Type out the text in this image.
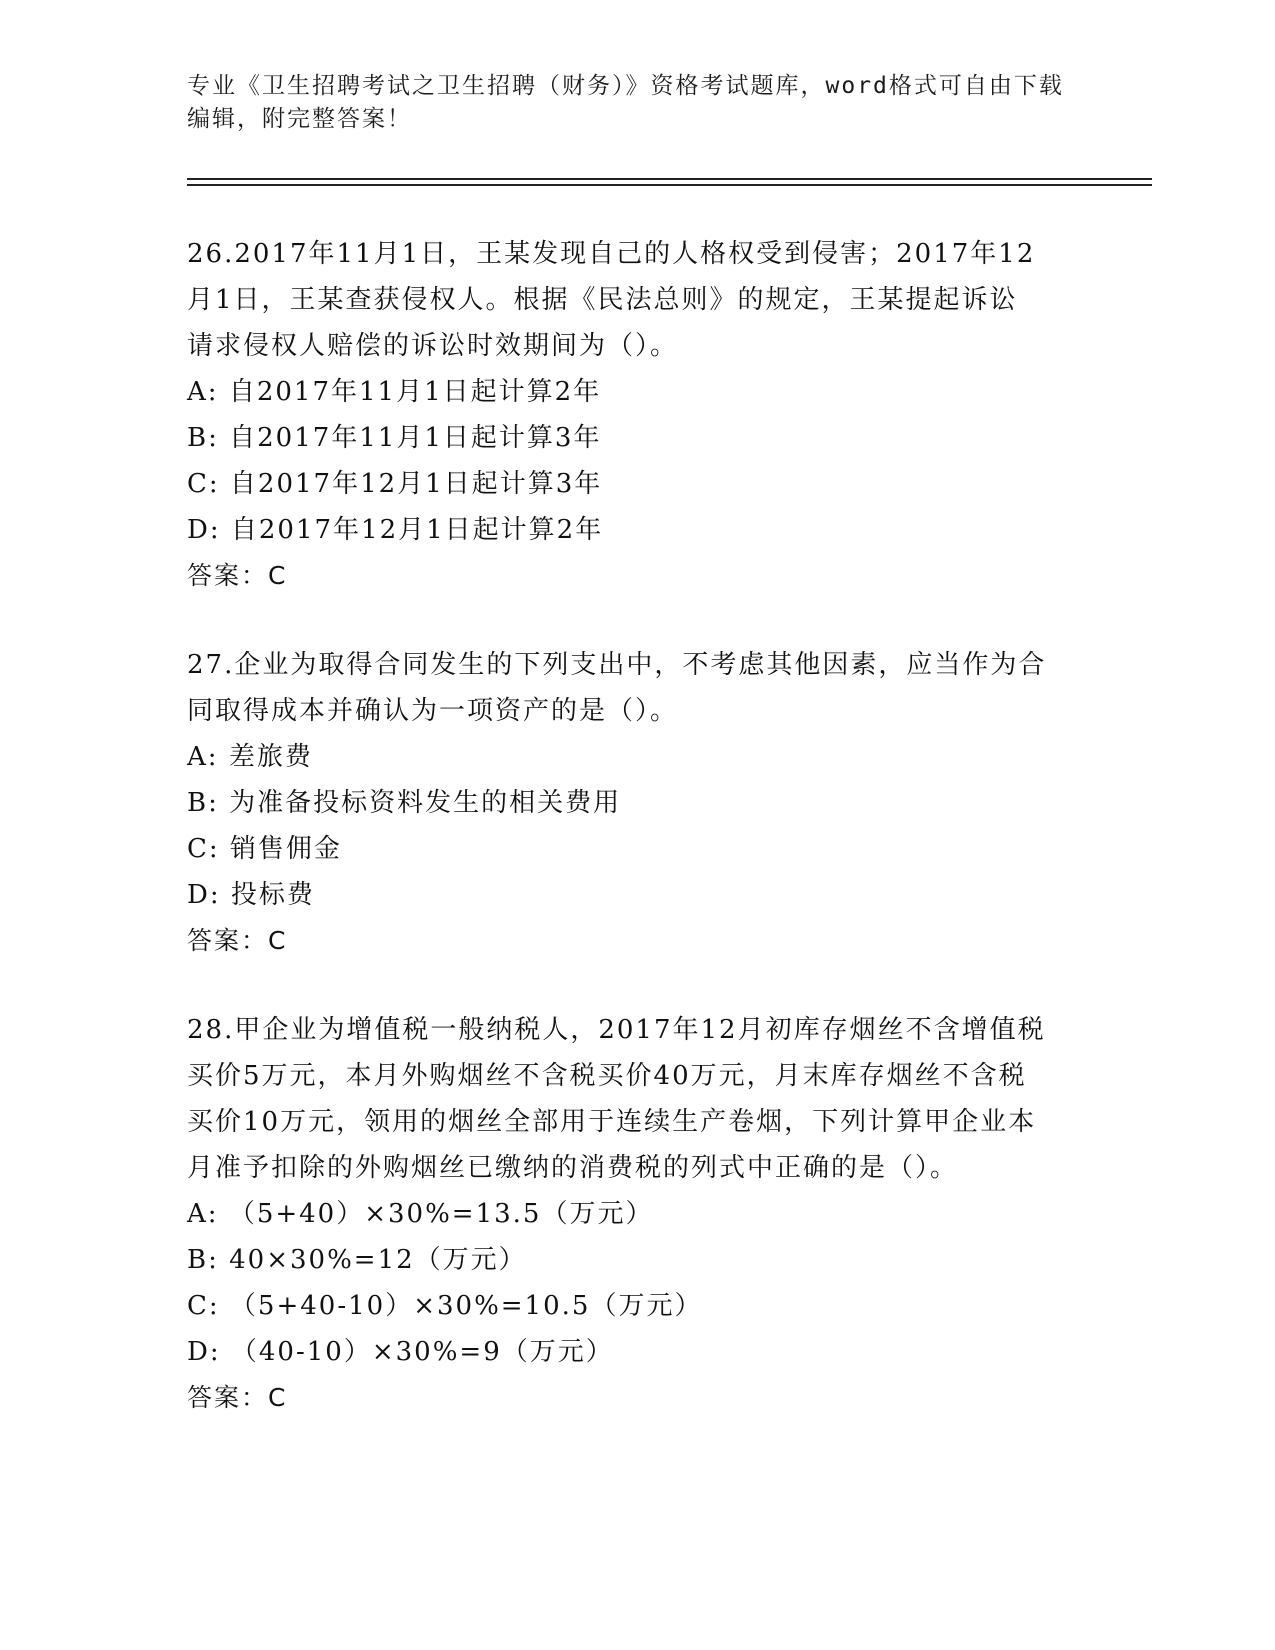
专业《卫生招聘考试之卫生招聘（财务）》资格考试题库，word格式可自由下载
编辑，附完整答案！

26.2017年11月1日，王某发现自己的人格权受到侵害；2017年12
月1日，王某查获侵权人。根据《民法总则》的规定，王某提起诉讼
请求侵权人赔偿的诉讼时效期间为（）。

A: 自2017年11月1日起计算2年
B: 自2017年11月1日起计算3年
C: 自2017年12月1日起计算3年
D: 自2017年12月1日起计算2年
答案：C

27.企业为取得合同发生的下列支出中，不考虑其他因素，应当作为合
同取得成本并确认为一项资产的是（）。

A: 差旅费
B: 为准备投标资料发生的相关费用
C: 销售佣金
D: 投标费
答案：C

28.甲企业为增值税一般纳税人，2017年12月初库存烟丝不含增值税
买价5万元，本月外购烟丝不含税买价40万元，月末库存烟丝不含税
买价10万元，领用的烟丝全部用于连续生产卷烟，下列计算甲企业本
月准予扣除的外购烟丝已缴纳的消费税的列式中正确的是（）。

A: （5+40）×30%=13.5（万元）
B: 40×30%=12（万元）
C: （5+40-10）×30%=10.5（万元）
D: （40-10）×30%=9（万元）
答案：C
